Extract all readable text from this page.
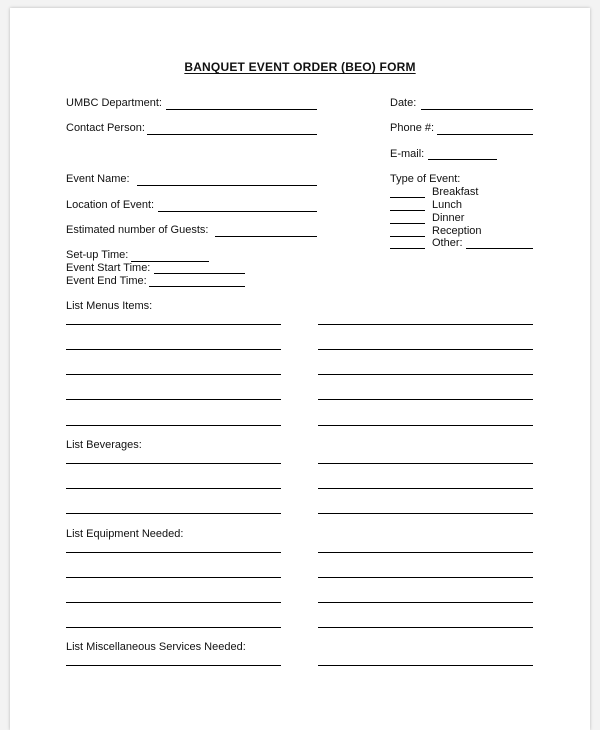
BANQUET EVENT ORDER (BEO) FORM
UMBC Department:
Contact Person:
Event Name:
Location of Event:
Estimated number of Guests:
Set-up Time:
Event Start Time:
Event End Time:
Date:
Phone #:
E-mail:
Type of Event:
Breakfast
Lunch
Dinner
Reception
Other:
List Menus Items:
List Beverages:
List Equipment Needed:
List Miscellaneous Services Needed:
